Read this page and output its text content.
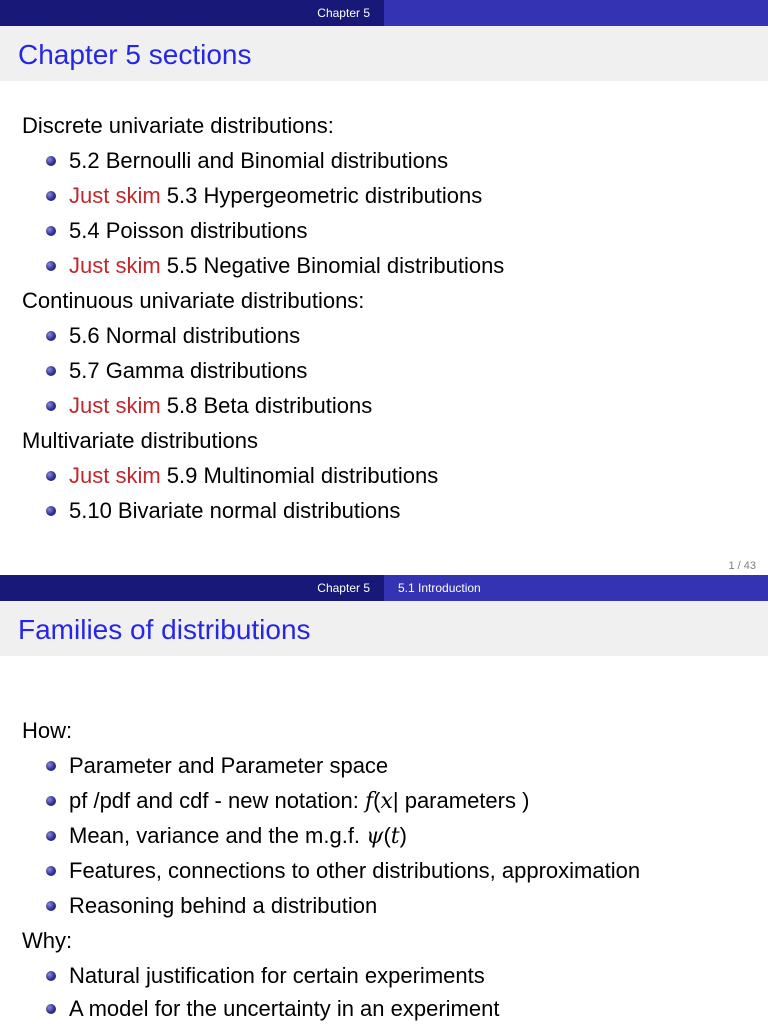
Chapter 5
Chapter 5 sections
Discrete univariate distributions:
5.2 Bernoulli and Binomial distributions
Just skim 5.3 Hypergeometric distributions
5.4 Poisson distributions
Just skim 5.5 Negative Binomial distributions
Continuous univariate distributions:
5.6 Normal distributions
5.7 Gamma distributions
Just skim 5.8 Beta distributions
Multivariate distributions
Just skim 5.9 Multinomial distributions
5.10 Bivariate normal distributions
1 / 43
Chapter 5	5.1 Introduction
Families of distributions
How:
Parameter and Parameter space
pf /pdf and cdf - new notation: f(x| parameters )
Mean, variance and the m.g.f. ψ(t)
Features, connections to other distributions, approximation
Reasoning behind a distribution
Why:
Natural justification for certain experiments
A model for the uncertainty in an experiment
